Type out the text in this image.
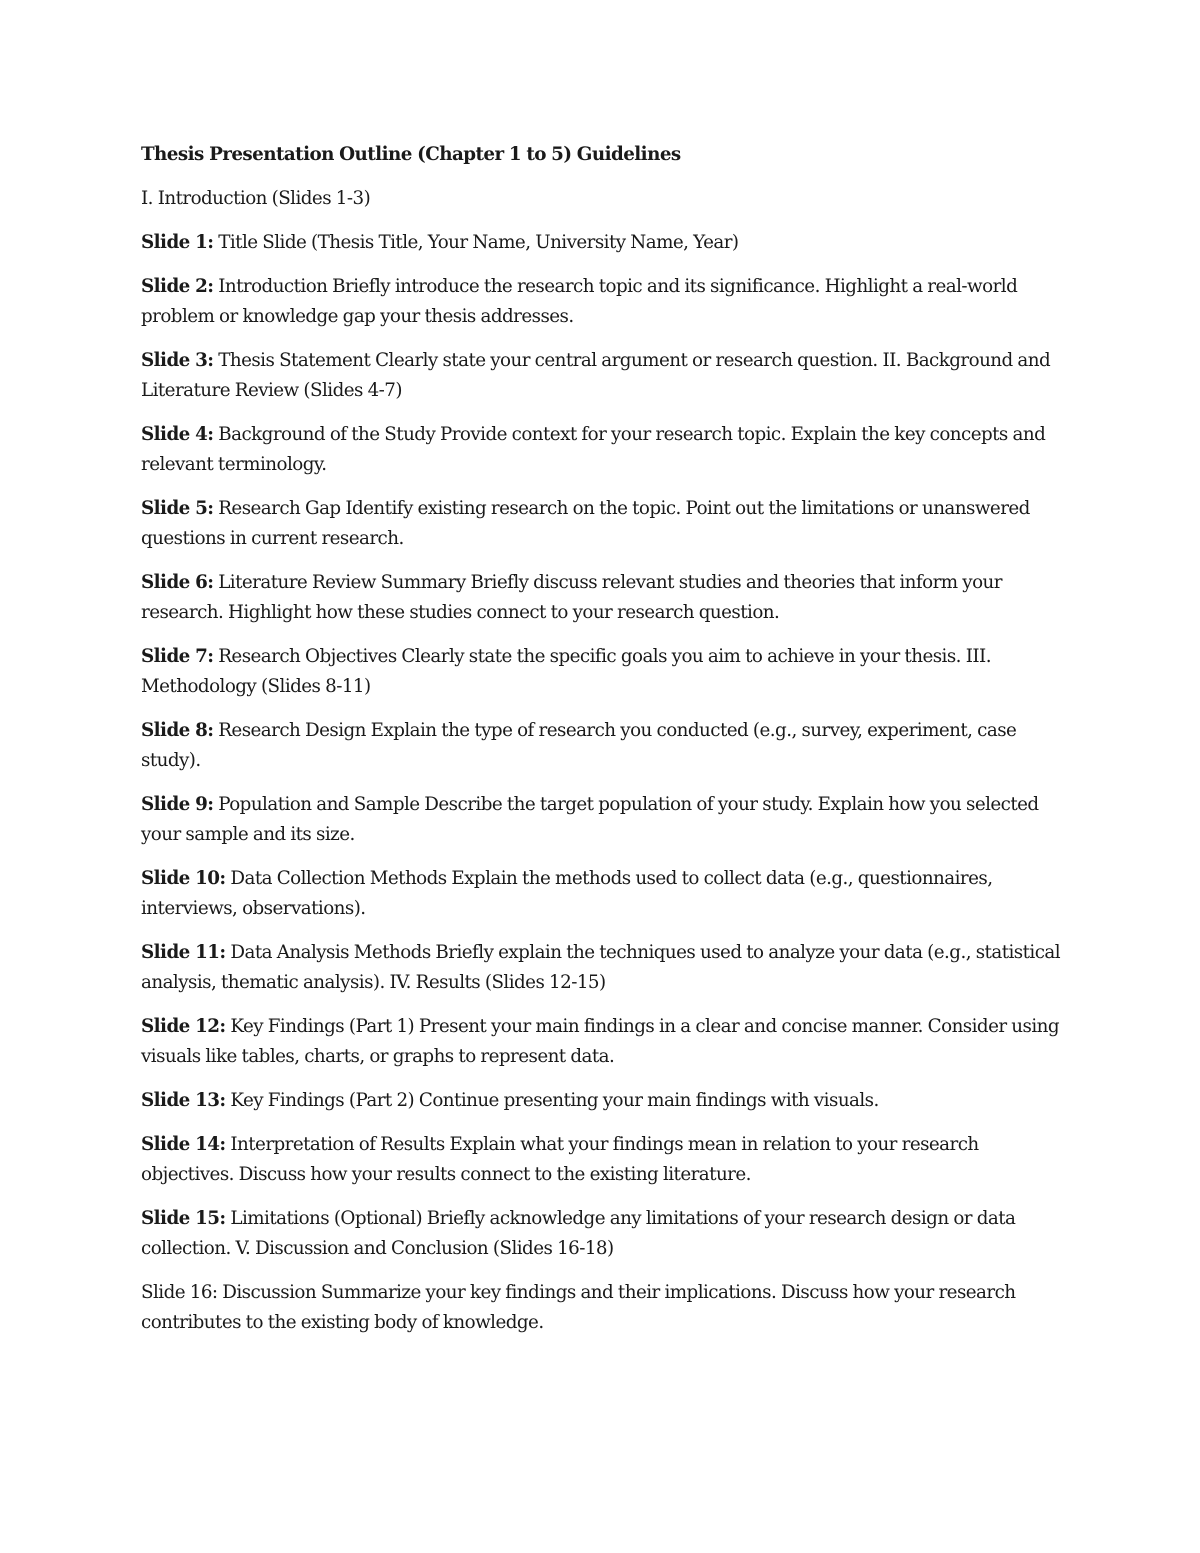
Thesis Presentation Outline (Chapter 1 to 5) Guidelines

I. Introduction (Slides 1-3)

Slide 1: Title Slide (Thesis Title, Your Name, University Name, Year)

Slide 2: Introduction Briefly introduce the research topic and its significance. Highlight a real-world problem or knowledge gap your thesis addresses.

Slide 3: Thesis Statement Clearly state your central argument or research question. II. Background and Literature Review (Slides 4-7)

Slide 4: Background of the Study Provide context for your research topic. Explain the key concepts and relevant terminology.

Slide 5: Research Gap Identify existing research on the topic. Point out the limitations or unanswered questions in current research.

Slide 6: Literature Review Summary Briefly discuss relevant studies and theories that inform your research. Highlight how these studies connect to your research question.

Slide 7: Research Objectives Clearly state the specific goals you aim to achieve in your thesis. III. Methodology (Slides 8-11)

Slide 8: Research Design Explain the type of research you conducted (e.g., survey, experiment, case study).

Slide 9: Population and Sample Describe the target population of your study. Explain how you selected your sample and its size.

Slide 10: Data Collection Methods Explain the methods used to collect data (e.g., questionnaires, interviews, observations).

Slide 11: Data Analysis Methods Briefly explain the techniques used to analyze your data (e.g., statistical analysis, thematic analysis). IV. Results (Slides 12-15)

Slide 12: Key Findings (Part 1) Present your main findings in a clear and concise manner. Consider using visuals like tables, charts, or graphs to represent data.

Slide 13: Key Findings (Part 2) Continue presenting your main findings with visuals.

Slide 14: Interpretation of Results Explain what your findings mean in relation to your research objectives. Discuss how your results connect to the existing literature.

Slide 15: Limitations (Optional) Briefly acknowledge any limitations of your research design or data collection. V. Discussion and Conclusion (Slides 16-18)

Slide 16: Discussion Summarize your key findings and their implications. Discuss how your research contributes to the existing body of knowledge.
